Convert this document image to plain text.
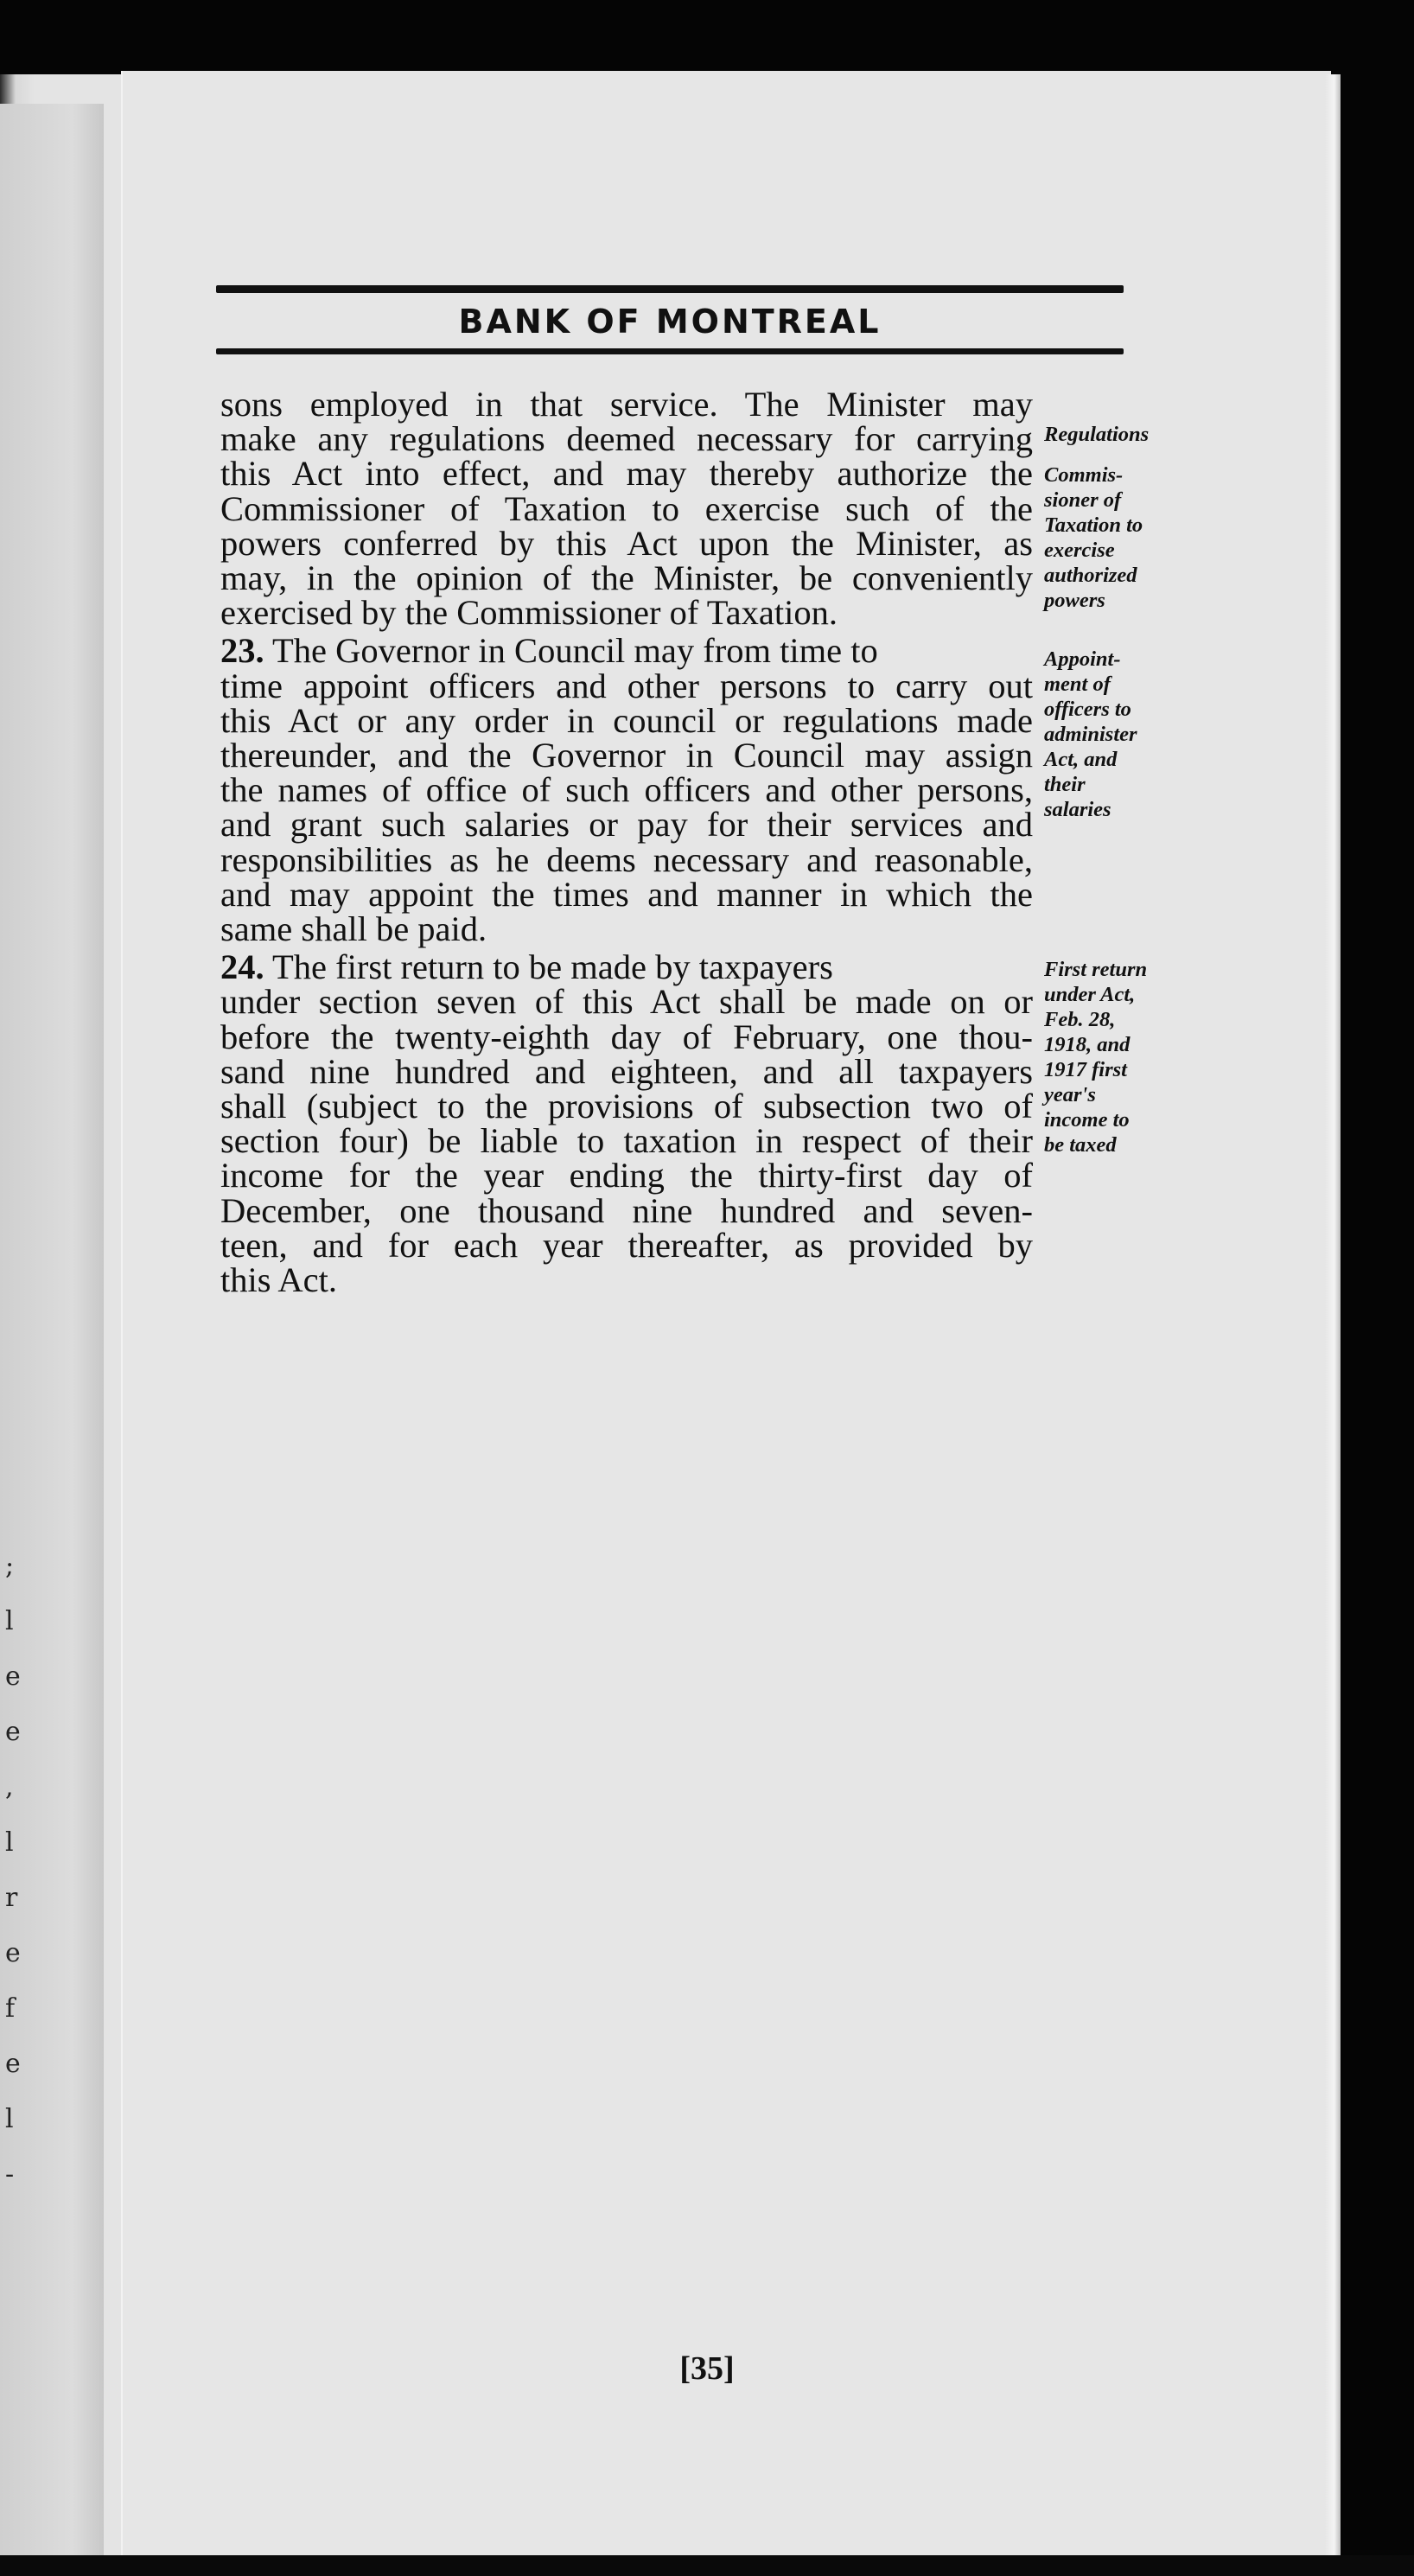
;
l
e
e
,
l
r
e
f
e
l
-
BANK OF MONTREAL

sons employed in that service. The Minister may
make any regulations deemed necessary for carrying
this Act into effect, and may thereby authorize the
Commissioner of Taxation to exercise such of the
powers conferred by this Act upon the Minister, as
may, in the opinion of the Minister, be conveniently
exercised by the Commissioner of Taxation.

23. The Governor in Council may from time to

time appoint officers and other persons to carry out
this Act or any order in council or regulations made
thereunder, and the Governor in Council may assign
the names of office of such officers and other persons,
and grant such salaries or pay for their services and
responsibilities as he deems necessary and reasonable,
and may appoint the times and manner in which the
same shall be paid.

24. The first return to be made by taxpayers

under section seven of this Act shall be made on or
before the twenty-eighth day of February, one thou-
sand nine hundred and eighteen, and all taxpayers
shall (subject to the provisions of subsection two of
section four) be liable to taxation in respect of their
income for the year ending the thirty-first day of
December, one thousand nine hundred and seven-
teen, and for each year thereafter, as provided by
this Act.

Regulations
Commis-
sioner of
Taxation to
exercise
authorized
powers
Appoint-
ment of
officers to
administer
Act, and
their
salaries
First return
under Act,
Feb. 28,
1918, and
1917 first
year's
income to
be taxed
[35]
